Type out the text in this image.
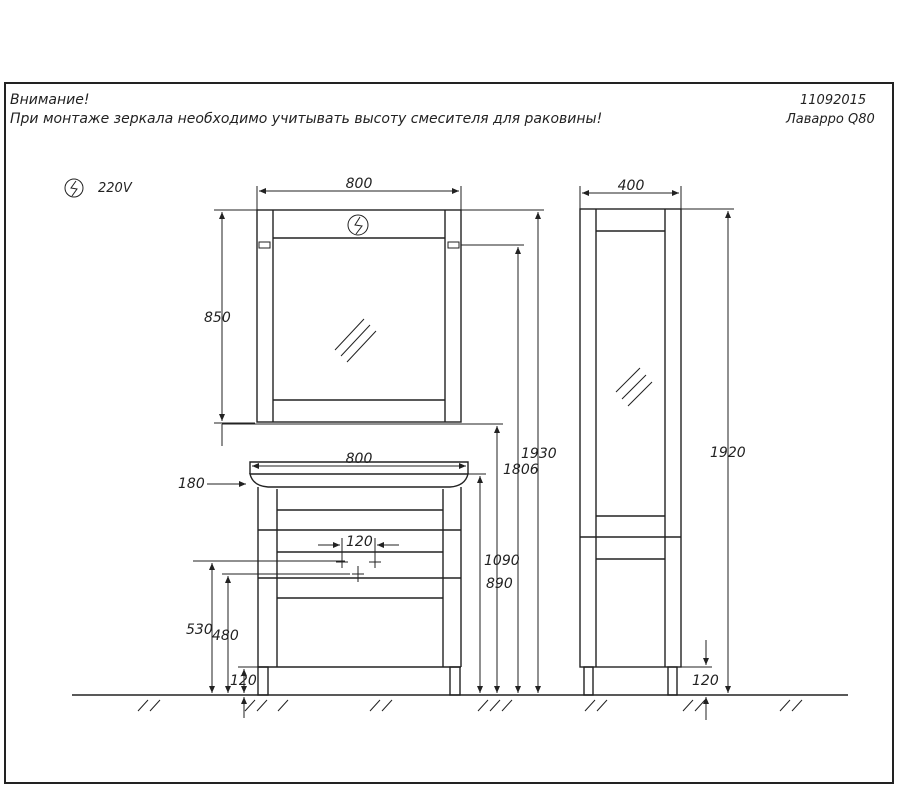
Внимание!
При монтаже зеркала необходимо учитывать высоту смесителя для раковины!
11092015
Лаварро Q80
220V	800
850
800
180
120
530 480
120
890
1090
1806
1930
400
1920
120
